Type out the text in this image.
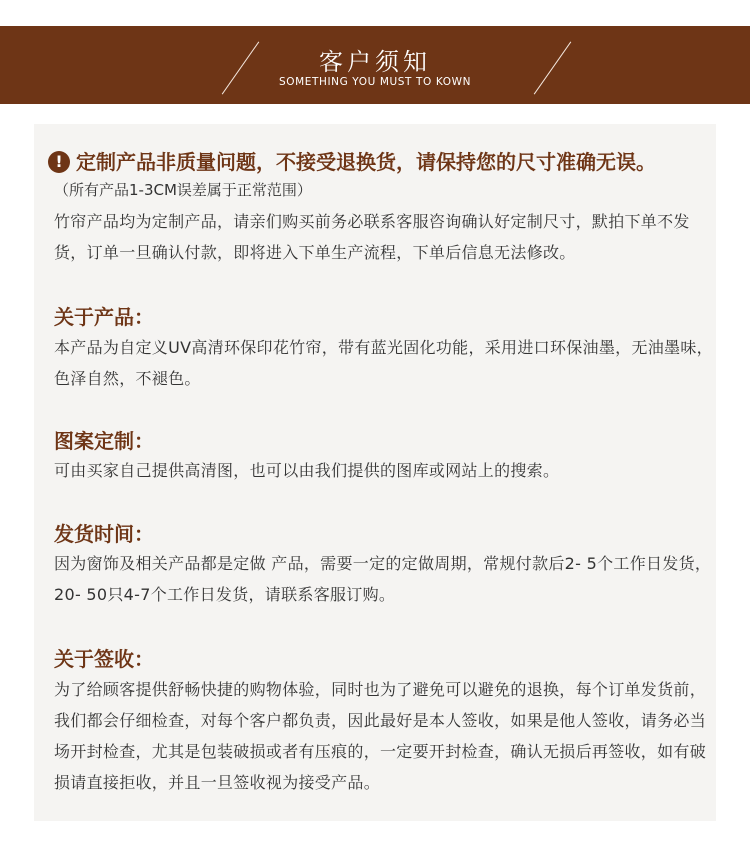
客户须知
SOMETHING YOU MUST TO KOWN
! 定制产品非质量问题，不接受退换货，请保持您的尺寸准确无误。
（所有产品1-3CM误差属于正常范围）
竹帘产品均为定制产品，请亲们购买前务必联系客服咨询确认好定制尺寸，默拍下单不发货，订单一旦确认付款，即将进入下单生产流程，下单后信息无法修改。
关于产品：
本产品为自定义UV高清环保印花竹帘，带有蓝光固化功能，采用进口环保油墨，无油墨味，色泽自然，不褪色。
图案定制：
可由买家自己提供高清图，也可以由我们提供的图库或网站上的搜索。
发货时间：
因为窗饰及相关产品都是定做 产品，需要一定的定做周期，常规付款后2- 5个工作日发货，20- 50只4-7个工作日发货，请联系客服订购。
关于签收：
为了给顾客提供舒畅快捷的购物体验，同时也为了避免可以避免的退换，每个订单发货前，我们都会仔细检查，对每个客户都负责，因此最好是本人签收，如果是他人签收，请务必当场开封检查，尤其是包装破损或者有压痕的，一定要开封检查，确认无损后再签收，如有破损请直接拒收，并且一旦签收视为接受产品。
